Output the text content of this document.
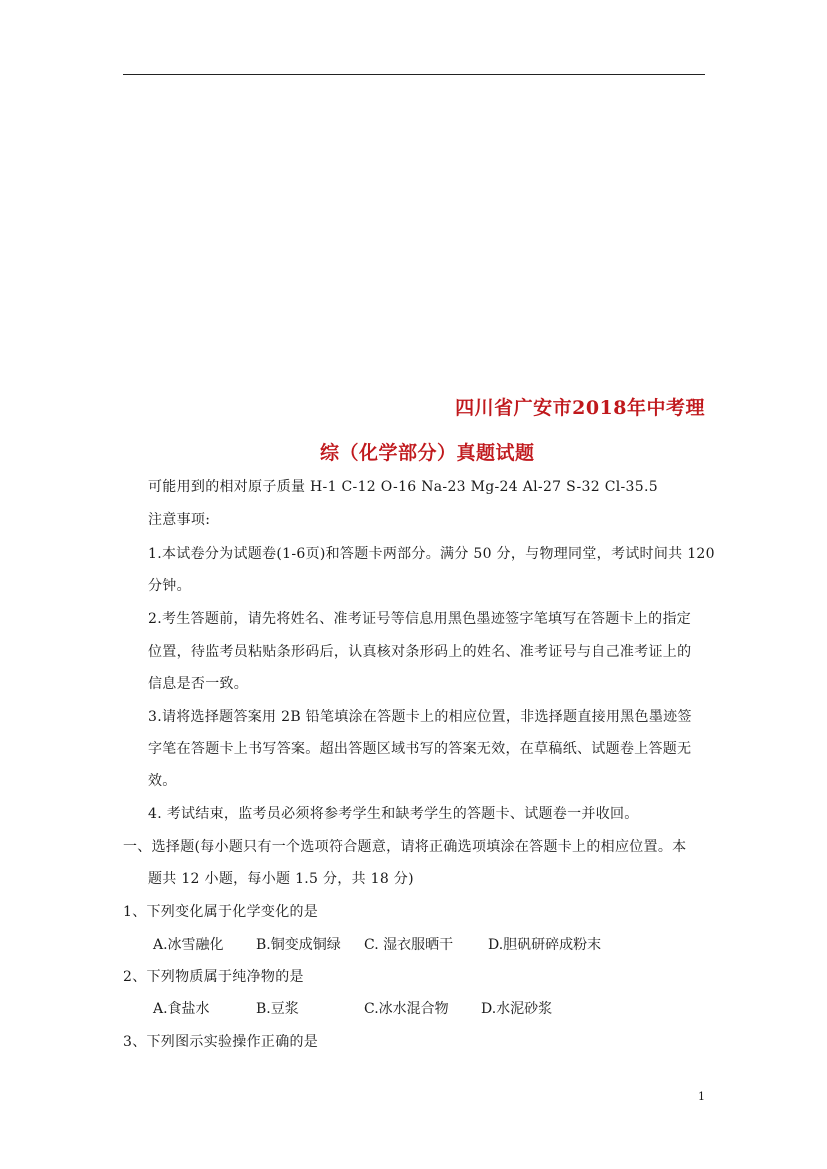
四川省广安市2018年中考理
综（化学部分）真题试题
可能用到的相对原子质量 H-1 C-12 O-16 Na-23 Mg-24 Al-27 S-32 Cl-35.5
注意事项:
1.本试卷分为试题卷(1-6页)和答题卡两部分。满分 50 分，与物理同堂，考试时间共 120
分钟。
2.考生答题前，请先将姓名、准考证号等信息用黑色墨迹签字笔填写在答题卡上的指定
位置，待监考员粘贴条形码后，认真核对条形码上的姓名、准考证号与自己准考证上的
信息是否一致。
3.请将选择题答案用 2B 铅笔填涂在答题卡上的相应位置，非选择题直接用黑色墨迹签
字笔在答题卡上书写答案。超出答题区域书写的答案无效，在草稿纸、试题卷上答题无
效。
4. 考试结束，监考员必须将参考学生和缺考学生的答题卡、试题卷一并收回。
一、选择题(每小题只有一个选项符合题意，请将正确选项填涂在答题卡上的相应位置。本
题共 12 小题，每小题 1.5 分，共 18 分)
1、下列变化属于化学变化的是
A.冰雪融化	B.铜变成铜绿	C. 湿衣服晒干	D.胆矾研碎成粉末
2、下列物质属于纯净物的是
A.食盐水	B.豆浆	C.冰水混合物	D.水泥砂浆
3、下列图示实验操作正确的是
1
